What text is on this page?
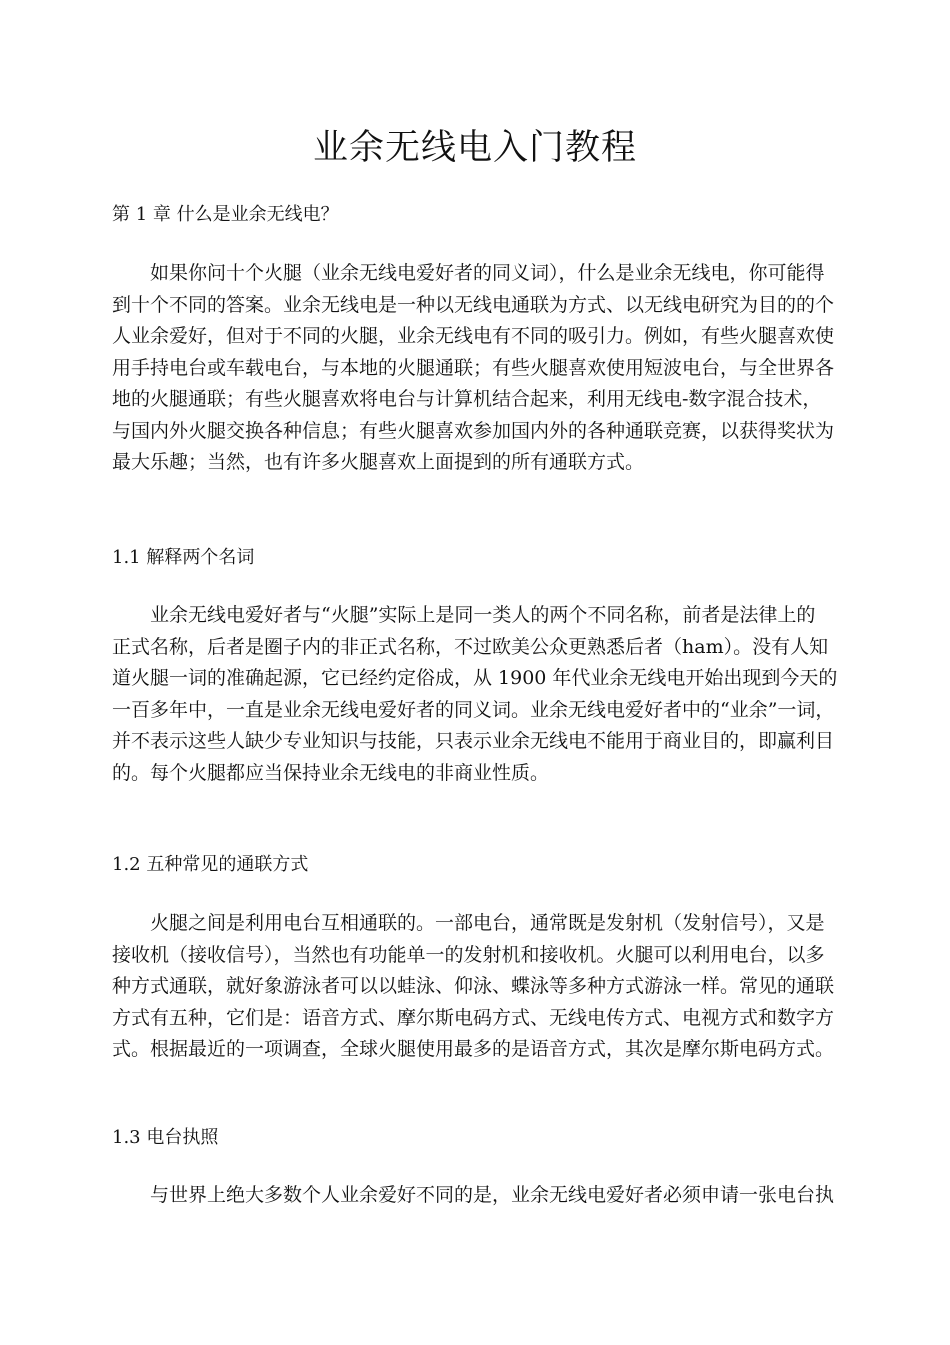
业余无线电入门教程
第 1 章 什么是业余无线电？
如果你问十个火腿（业余无线电爱好者的同义词），什么是业余无线电，你可能得
到十个不同的答案。业余无线电是一种以无线电通联为方式、以无线电研究为目的的个
人业余爱好，但对于不同的火腿，业余无线电有不同的吸引力。例如，有些火腿喜欢使
用手持电台或车载电台，与本地的火腿通联；有些火腿喜欢使用短波电台，与全世界各
地的火腿通联；有些火腿喜欢将电台与计算机结合起来，利用无线电-数字混合技术，
与国内外火腿交换各种信息；有些火腿喜欢参加国内外的各种通联竞赛，以获得奖状为
最大乐趣；当然，也有许多火腿喜欢上面提到的所有通联方式。
1.1 解释两个名词
业余无线电爱好者与“火腿”实际上是同一类人的两个不同名称，前者是法律上的
正式名称，后者是圈子内的非正式名称，不过欧美公众更熟悉后者（ham）。没有人知
道火腿一词的准确起源，它已经约定俗成，从 1900 年代业余无线电开始出现到今天的
一百多年中，一直是业余无线电爱好者的同义词。业余无线电爱好者中的“业余”一词，
并不表示这些人缺少专业知识与技能，只表示业余无线电不能用于商业目的，即赢利目
的。每个火腿都应当保持业余无线电的非商业性质。
1.2 五种常见的通联方式
火腿之间是利用电台互相通联的。一部电台，通常既是发射机（发射信号），又是
接收机（接收信号），当然也有功能单一的发射机和接收机。火腿可以利用电台，以多
种方式通联，就好象游泳者可以以蛙泳、仰泳、蝶泳等多种方式游泳一样。常见的通联
方式有五种，它们是：语音方式、摩尔斯电码方式、无线电传方式、电视方式和数字方
式。根据最近的一项调查，全球火腿使用最多的是语音方式，其次是摩尔斯电码方式。
1.3 电台执照
与世界上绝大多数个人业余爱好不同的是，业余无线电爱好者必须申请一张电台执
